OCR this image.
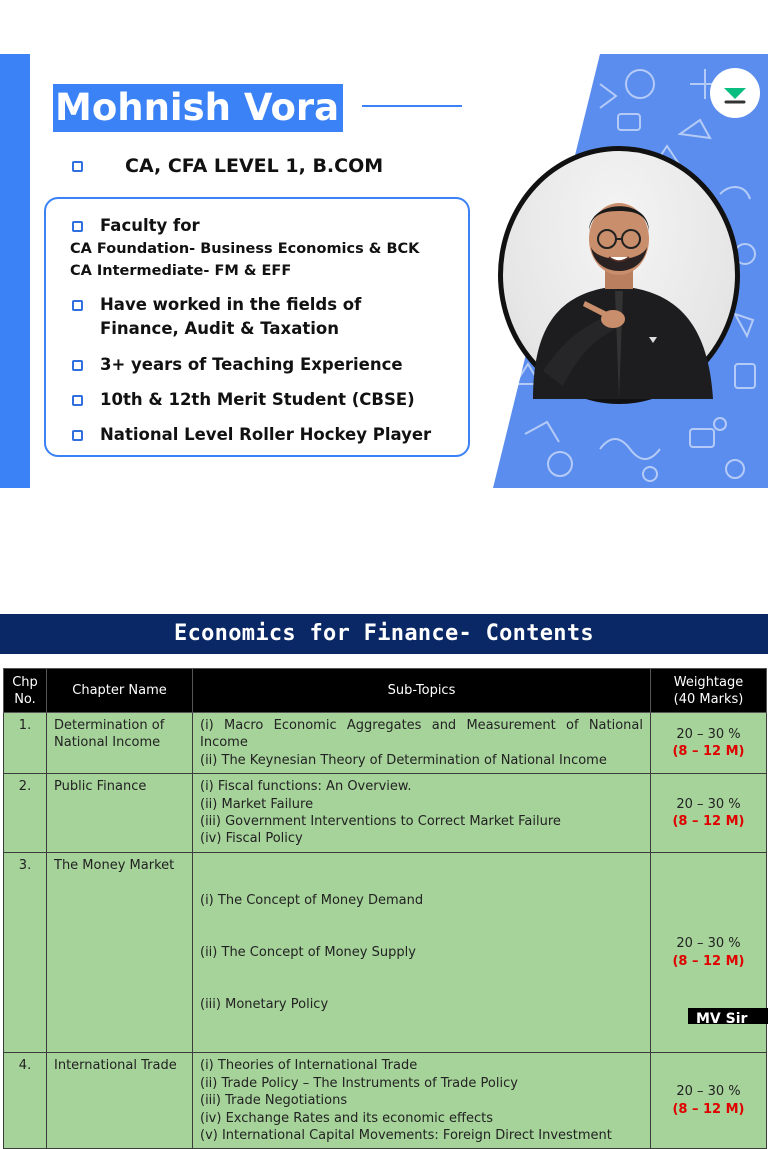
Mohnish Vora
CA, CFA LEVEL 1, B.COM
Faculty for
CA Foundation- Business Economics & BCK
CA Intermediate- FM & EFF
Have worked in the fields of
Finance, Audit & Taxation
3+ years of Teaching Experience
10th & 12th Merit Student (CBSE)
National Level Roller Hockey Player
Economics for Finance- Contents
Chp
No.	Chapter Name	Sub-Topics	Weightage
(40 Marks)

1.	Determination of National Income	(i) Macro Economic Aggregates and Measurement of National
Income
(ii) The Keynesian Theory of Determination of National Income	20 – 30 %
(8 – 12 M)

2.	Public Finance	(i) Fiscal functions: An Overview.
(ii) Market Failure
(iii) Government Interventions to Correct Market Failure
(iv) Fiscal Policy	20 – 30 %
(8 – 12 M)

3.	The Money Market	(i) The Concept of Money Demand

(ii) The Concept of Money Supply

(iii) Monetary Policy	20 – 30 %
(8 – 12 M)

4.	International Trade	(i) Theories of International Trade
(ii) Trade Policy – The Instruments of Trade Policy
(iii) Trade Negotiations
(iv) Exchange Rates and its economic effects
(v) International Capital Movements: Foreign Direct Investment	20 – 30 %
(8 – 12 M)
MV Sir
